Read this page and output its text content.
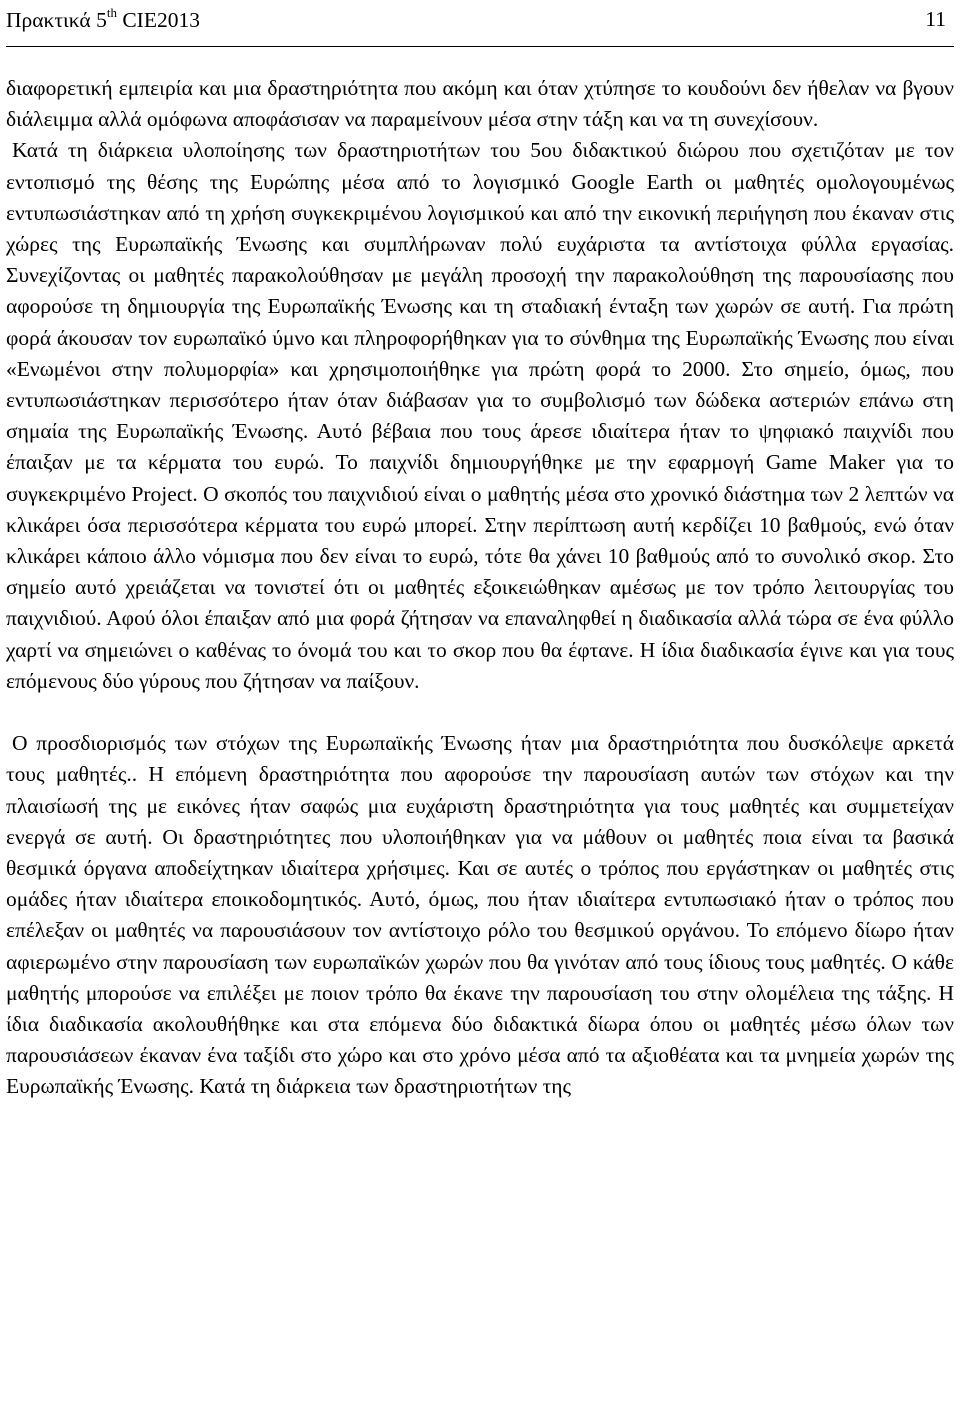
Πρακτικά 5th CIE2013	11

διαφορετική εμπειρία και μια δραστηριότητα που ακόμη και όταν χτύπησε το κουδούνι δεν ήθελαν να βγουν διάλειμμα αλλά ομόφωνα αποφάσισαν να παραμείνουν μέσα στην τάξη και να τη συνεχίσουν.

Κατά τη διάρκεια υλοποίησης των δραστηριοτήτων του 5ου διδακτικού διώρου που σχετιζόταν με τον εντοπισμό της θέσης της Ευρώπης μέσα από το λογισμικό Google Earth οι μαθητές ομολογουμένως εντυπωσιάστηκαν από τη χρήση συγκεκριμένου λογισμικού και από την εικονική περιήγηση που έκαναν στις χώρες της Ευρωπαϊκής Ένωσης και συμπλήρωναν πολύ ευχάριστα τα αντίστοιχα φύλλα εργασίας. Συνεχίζοντας οι μαθητές παρακολούθησαν με μεγάλη προσοχή την παρακολούθηση της παρουσίασης που αφορούσε τη δημιουργία της Ευρωπαϊκής Ένωσης και τη σταδιακή ένταξη των χωρών σε αυτή. Για πρώτη φορά άκουσαν τον ευρωπαϊκό ύμνο και πληροφορήθηκαν για το σύνθημα της Ευρωπαϊκής Ένωσης που είναι «Ενωμένοι στην πολυμορφία» και χρησιμοποιήθηκε για πρώτη φορά το 2000. Στο σημείο, όμως, που εντυπωσιάστηκαν περισσότερο ήταν όταν διάβασαν για το συμβολισμό των δώδεκα αστεριών επάνω στη σημαία της Ευρωπαϊκής Ένωσης. Αυτό βέβαια που τους άρεσε ιδιαίτερα ήταν το ψηφιακό παιχνίδι που έπαιξαν με τα κέρματα του ευρώ. Το παιχνίδι δημιουργήθηκε με την εφαρμογή Game Maker για το συγκεκριμένο Project. Ο σκοπός του παιχνιδιού είναι ο μαθητής μέσα στο χρονικό διάστημα των 2 λεπτών να κλικάρει όσα περισσότερα κέρματα του ευρώ μπορεί. Στην περίπτωση αυτή κερδίζει 10 βαθμούς, ενώ όταν κλικάρει κάποιο άλλο νόμισμα που δεν είναι το ευρώ, τότε θα χάνει 10 βαθμούς από το συνολικό σκορ. Στο σημείο αυτό χρειάζεται να τονιστεί ότι οι μαθητές εξοικειώθηκαν αμέσως με τον τρόπο λειτουργίας του παιχνιδιού. Αφού όλοι έπαιξαν από μια φορά ζήτησαν να επαναληφθεί η διαδικασία αλλά τώρα σε ένα φύλλο χαρτί να σημειώνει ο καθένας το όνομά του και το σκορ που θα έφτανε. Η ίδια διαδικασία έγινε και για τους επόμενους δύο γύρους που ζήτησαν να παίξουν.

Ο προσδιορισμός των στόχων της Ευρωπαϊκής Ένωσης ήταν μια δραστηριότητα που δυσκόλεψε αρκετά τους μαθητές.. Η επόμενη δραστηριότητα που αφορούσε την παρουσίαση αυτών των στόχων και την πλαισίωσή της με εικόνες ήταν σαφώς μια ευχάριστη δραστηριότητα για τους μαθητές και συμμετείχαν ενεργά σε αυτή. Οι δραστηριότητες που υλοποιήθηκαν για να μάθουν οι μαθητές ποια είναι τα βασικά θεσμικά όργανα αποδείχτηκαν ιδιαίτερα χρήσιμες. Και σε αυτές ο τρόπος που εργάστηκαν οι μαθητές στις ομάδες ήταν ιδιαίτερα εποικοδομητικός. Αυτό, όμως, που ήταν ιδιαίτερα εντυπωσιακό ήταν ο τρόπος που επέλεξαν οι μαθητές να παρουσιάσουν τον αντίστοιχο ρόλο του θεσμικού οργάνου. Το επόμενο δίωρο ήταν αφιερωμένο στην παρουσίαση των ευρωπαϊκών χωρών που θα γινόταν από τους ίδιους τους μαθητές. Ο κάθε μαθητής μπορούσε να επιλέξει με ποιον τρόπο θα έκανε την παρουσίαση του στην ολομέλεια της τάξης. Η ίδια διαδικασία ακολουθήθηκε και στα επόμενα δύο διδακτικά δίωρα όπου οι μαθητές μέσω όλων των παρουσιάσεων έκαναν ένα ταξίδι στο χώρο και στο χρόνο μέσα από τα αξιοθέατα και τα μνημεία χωρών της Ευρωπαϊκής Ένωσης. Κατά τη διάρκεια των δραστηριοτήτων της
